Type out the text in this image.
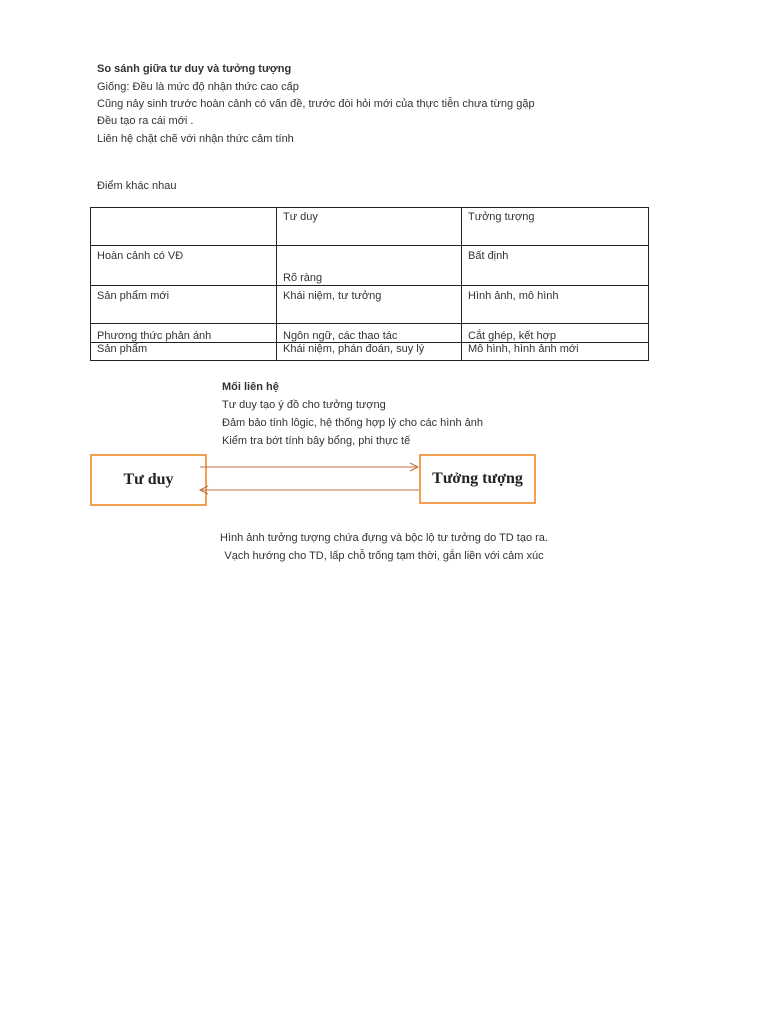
So sánh giữa tư duy và tưởng tượng
Giống: Đều là mức độ nhận thức cao cấp
Cũng nảy sinh trước hoàn cảnh có vấn đề, trước đòi hỏi mới của thực tiễn chưa từng gặp
Đều tạo ra cái mới .
Liên hệ chặt chẽ với nhận thức cảm tính
Điểm khác nhau
	Tư duy	Tưởng tượng
Hoàn cảnh có VĐ	Rõ ràng	Bất định
Sản phẩm mới	Khái niệm, tư tưởng	Hình ảnh, mô hình
Phương thức phản ánh	Ngôn ngữ, các thao tác	Cắt ghép, kết hợp
Sản phẩm	Khái niệm, phán đoán, suy lý	Mô hình, hình ảnh mới
Mối liên hệ
Tư duy tạo ý đồ cho tưởng tượng
Đảm bảo tính lôgic, hệ thống hợp lý cho các hình ảnh
Kiểm tra bớt tính bây bổng, phi thực tế
Tư duy	Tưởng tượng
Hình ảnh tưởng tượng chứa đựng và bộc lộ tư tưởng do TD tạo ra.
Vạch hướng cho TD, lấp chỗ trống tạm thời, gắn liền với cảm xúc
